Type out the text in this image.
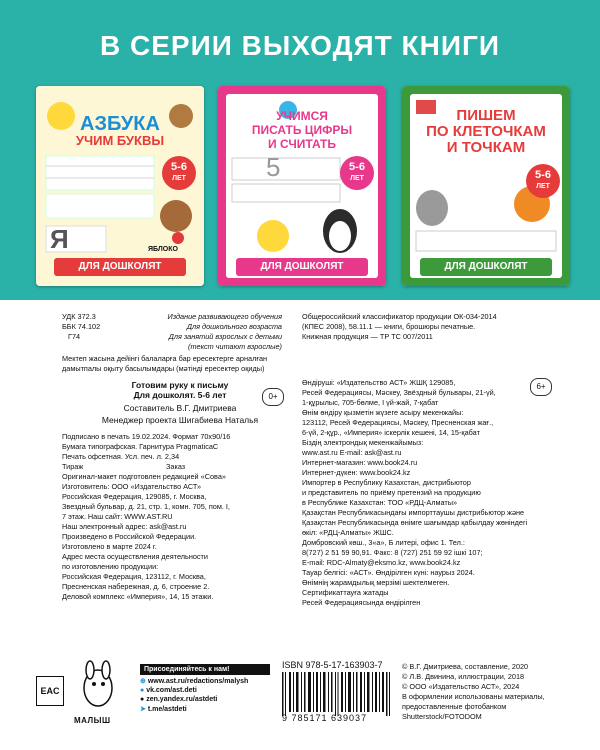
В СЕРИИ ВЫХОДЯТ КНИГИ
АЗБУКА
УЧИМ БУКВЫ
5-6
ЛЕТ
Я	ЯБЛОКО
ДЛЯ ДОШКОЛЯТ
УЧИМСЯ
ПИСАТЬ ЦИФРЫ
И СЧИТАТЬ
5-6
ЛЕТ
5
ДЛЯ ДОШКОЛЯТ
ПИШЕМ
ПО КЛЕТОЧКАМ
И ТОЧКАМ
5-6
ЛЕТ
ДЛЯ ДОШКОЛЯТ
УДК 372.3
ББК 74.102
Г74
Издание развивающего обучения
Для дошкольного возраста
Для занятий взрослых с детьми
(текст читают взрослые)
Мектеп жасына дейінгі балаларға бар ересектерге арналған
дамытпалы оқыту басылымдары (мәтінді ересектер оқиды)
Общероссийский классификатор продукции ОК-034-2014
(КПЕС 2008), 58.11.1 — книги, брошюры печатные.
Книжная продукция — ТР ТС 007/2011
Готовим руку к письму
Для дошколят. 5-6 лет
Составитель В.Г. Дмитриева
Менеджер проекта Шигабиева Наталья
0+
Подписано в печать 19.02.2024. Формат 70х90/16
Бумага типографская. Гарнитура PragmaticaC
Печать офсетная. Усл. печ. л. 2,34
Тираж	Заказ
Оригинал-макет подготовлен редакцией «Сова»
Изготовитель: ООО «Издательство АСТ»
Российская Федерация, 129085, г. Москва,
Звездный бульвар, д. 21, стр. 1, комн. 705, пом. I,
7 этаж. Наш сайт: WWW.AST.RU
Наш электронный адрес: ask@ast.ru
Произведено в Российской Федерации.
Изготовлено в марте 2024 г.
Адрес места осуществления деятельности
по изготовлению продукции:
Российская Федерация, 123112, г. Москва,
Пресненская набережная, д. 6, строение 2.
Деловой комплекс «Империя», 14, 15 этажи.
6+
Өндіруші: «Издательство АСТ» ЖШҚ 129085,
Ресей Федерациясы, Мәскеу, Звёздный бульвары, 21-үй,
1-құрылыс, 705-бөлме, I үй-жай, 7-қабат
Өнім өндіру қызметін жүзеге асыру мекенжайы:
123112, Ресей Федерациясы, Мәскеу, Пресненская жағ.,
6-үй, 2-құр., «Империя» іскерлік кешені, 14, 15-қабат
Біздің электрондық мекенжайымыз:
www.ast.ru E-mail: ask@ast.ru
Интернет-магазин: www.book24.ru
Интернет-дүкен: www.book24.kz
Импортер в Республику Казахстан, дистрибьютор
и представитель по приёму претензий на продукцию
в Республике Казахстан: ТОО «РДЦ-Алматы»
Қазақстан Республикасындағы импорттаушы дистрибьютор және
Қазақстан Республикасында өнімге шағымдар қабылдау жөніндегі
өкіл: «РДЦ-Алматы» ЖШС.
Домбровский көш., 3«а», Б литері, офис 1. Тел.:
8(727) 2 51 59 90,91. Факс: 8 (727) 251 59 92 ішкі 107;
E-mail: RDC-Almaty@eksmo.kz, www.book24.kz
Тауар белгісі: «АСТ». Өндірілген күні: наурыз 2024.
Өнімнің жарамдылық мерзімі шектелмеген.
Сертификаттауға жатады
Ресей Федерациясында өндірілген
EAC
МАЛЫШ
Присоединяйтесь к нам!
⊕ www.ast.ru/redactions/malysh
● vk.com/ast.deti
● zen.yandex.ru/astdeti
➤ t.me/astdeti
ISBN 978-5-17-163903-7
9 785171 639037
© В.Г. Дмитриева, составление, 2020
© Л.В. Двинина, иллюстрации, 2018
© ООО «Издательство АСТ», 2024
В оформлении использованы материалы,
предоставленные фотобанком
Shutterstock/FOTODOM
